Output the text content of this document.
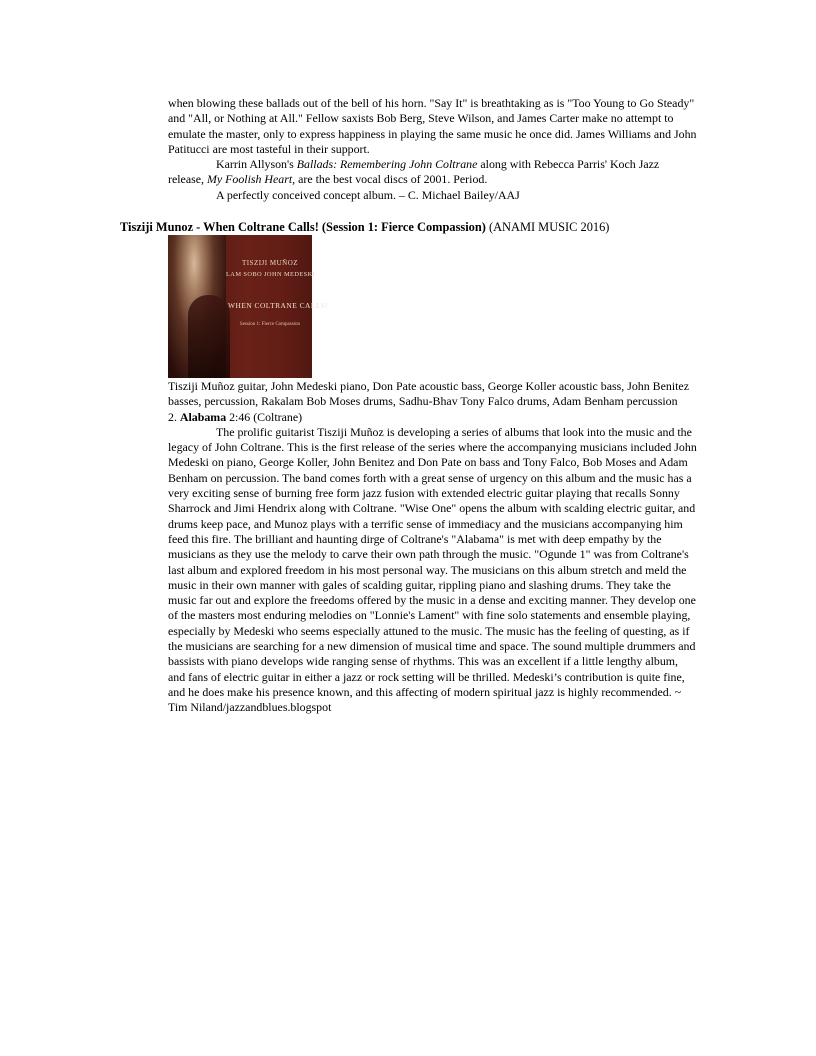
when blowing these ballads out of the bell of his horn. "Say It" is breathtaking as is "Too Young to Go Steady" and "All, or Nothing at All." Fellow saxists Bob Berg, Steve Wilson, and James Carter make no attempt to emulate the master, only to express happiness in playing the same music he once did. James Williams and John Patitucci are most tasteful in their support.

Karrin Allyson's Ballads: Remembering John Coltrane along with Rebecca Parris' Koch Jazz release, My Foolish Heart, are the best vocal discs of 2001. Period.

A perfectly conceived concept album. – C. Michael Bailey/AAJ

Tisziji Munoz - When Coltrane Calls! (Session 1: Fierce Compassion) (ANAMI MUSIC 2016)
TISZIJI MUÑOZ
LAM SOBO JOHN MEDESKI
WHEN COLTRANE CALLS!
Session 1: Fierce Compassion

Tisziji Muñoz guitar, John Medeski piano, Don Pate acoustic bass, George Koller acoustic bass, John Benitez basses, percussion, Rakalam Bob Moses drums, Sadhu-Bhav Tony Falco drums, Adam Benham percussion

2. Alabama 2:46 (Coltrane)

The prolific guitarist Tisziji Muñoz is developing a series of albums that look into the music and the legacy of John Coltrane. This is the first release of the series where the accompanying musicians included John Medeski on piano, George Koller, John Benitez and Don Pate on bass and Tony Falco, Bob Moses and Adam Benham on percussion. The band comes forth with a great sense of urgency on this album and the music has a very exciting sense of burning free form jazz fusion with extended electric guitar playing that recalls Sonny Sharrock and Jimi Hendrix along with Coltrane. "Wise One" opens the album with scalding electric guitar, and drums keep pace, and Munoz plays with a terrific sense of immediacy and the musicians accompanying him feed this fire. The brilliant and haunting dirge of Coltrane's "Alabama" is met with deep empathy by the musicians as they use the melody to carve their own path through the music. "Ogunde 1" was from Coltrane's last album and explored freedom in his most personal way. The musicians on this album stretch and meld the music in their own manner with gales of scalding guitar, rippling piano and slashing drums. They take the music far out and explore the freedoms offered by the music in a dense and exciting manner. They develop one of the masters most enduring melodies on "Lonnie's Lament" with fine solo statements and ensemble playing, especially by Medeski who seems especially attuned to the music. The music has the feeling of questing, as if the musicians are searching for a new dimension of musical time and space. The sound multiple drummers and bassists with piano develops wide ranging sense of rhythms. This was an excellent if a little lengthy album, and fans of electric guitar in either a jazz or rock setting will be thrilled. Medeski’s contribution is quite fine, and he does make his presence known, and this affecting of modern spiritual jazz is highly recommended. ~ Tim Niland/jazzandblues.blogspot
